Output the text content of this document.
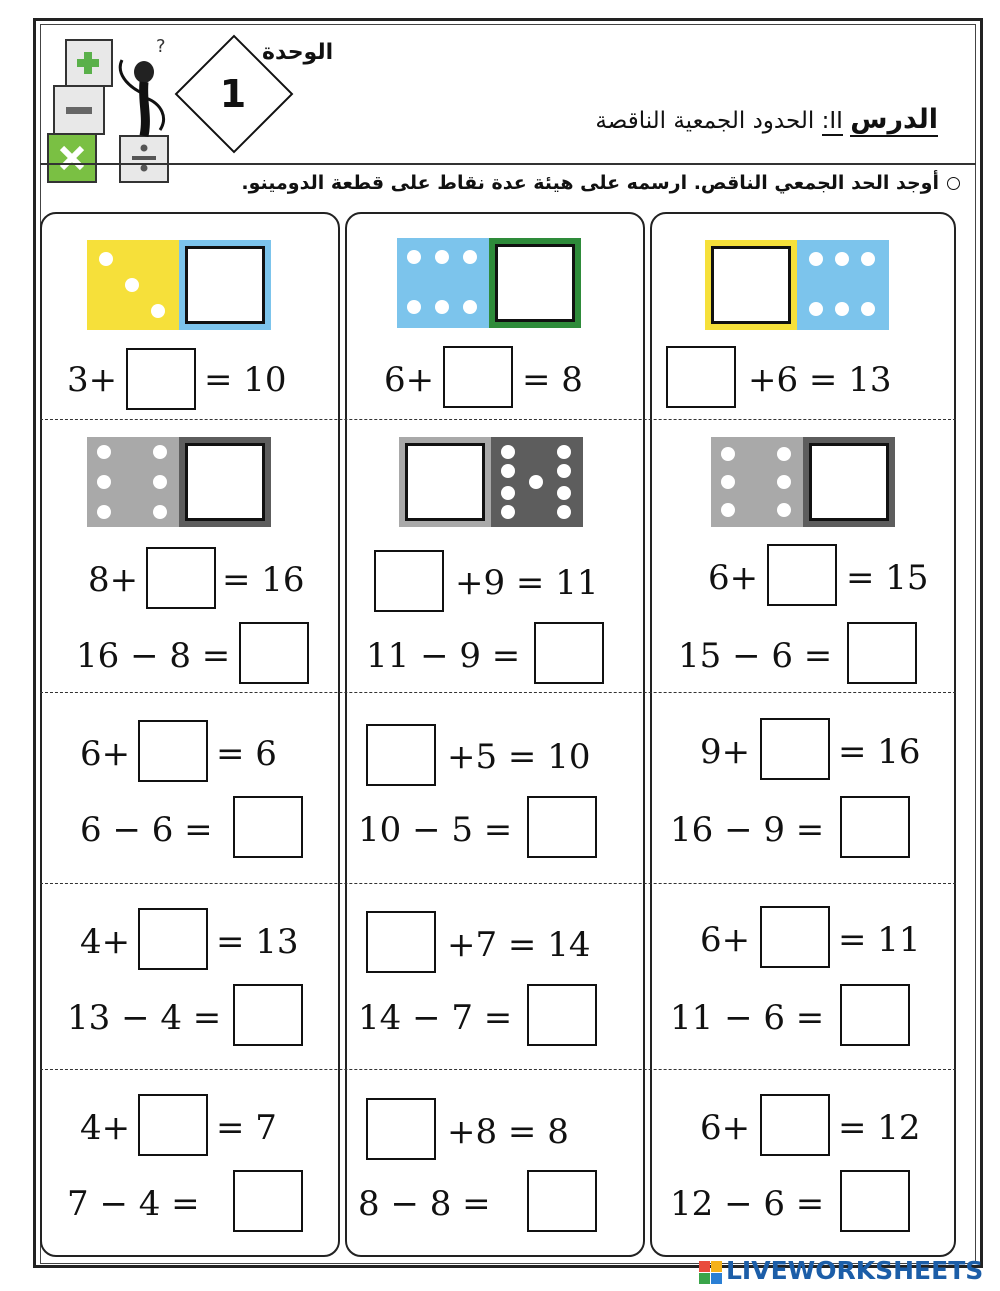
?	الوحدة
1
الدرس II: الحدود الجمعية الناقصة
أوجد الحد الجمعي الناقص. ارسمه على هيئة عدة نقاط على قطعة الدومينو.
3+	= 10	6+	= 8	+6 = 13
8+ = 16
16 − 8 =
+9 = 11
11 − 9 =
6+	= 15
15 − 6 =
6+	= 6
6 − 6 =
+5 = 10
10 − 5 =
9+	= 16
16 − 9 =
4+	= 13
13 − 4 =
+7 = 14
14 − 7 =
6+	= 11
11 − 6 =
4+	= 7
7 − 4 =
+8 = 8
8 − 8 =
6+	= 12
12 − 6 =
LIVEWORKSHEETS
